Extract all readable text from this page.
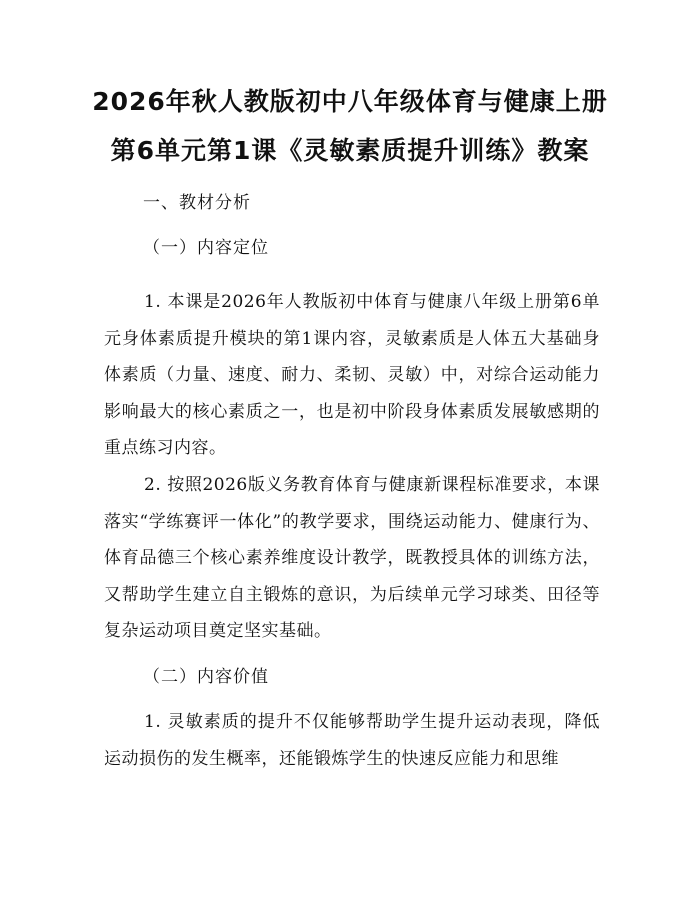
2026年秋人教版初中八年级体育与健康上册
第6单元第1课《灵敏素质提升训练》教案
一、教材分析
（一）内容定位

1. 本课是2026年人教版初中体育与健康八年级上册第6单元身体素质提升模块的第1课内容，灵敏素质是人体五大基础身体素质（力量、速度、耐力、柔韧、灵敏）中，对综合运动能力影响最大的核心素质之一，也是初中阶段身体素质发展敏感期的重点练习内容。

2. 按照2026版义务教育体育与健康新课程标准要求，本课落实“学练赛评一体化”的教学要求，围绕运动能力、健康行为、体育品德三个核心素养维度设计教学，既教授具体的训练方法，又帮助学生建立自主锻炼的意识，为后续单元学习球类、田径等复杂运动项目奠定坚实基础。

（二）内容价值

1. 灵敏素质的提升不仅能够帮助学生提升运动表现，降低运动损伤的发生概率，还能锻炼学生的快速反应能力和思维
